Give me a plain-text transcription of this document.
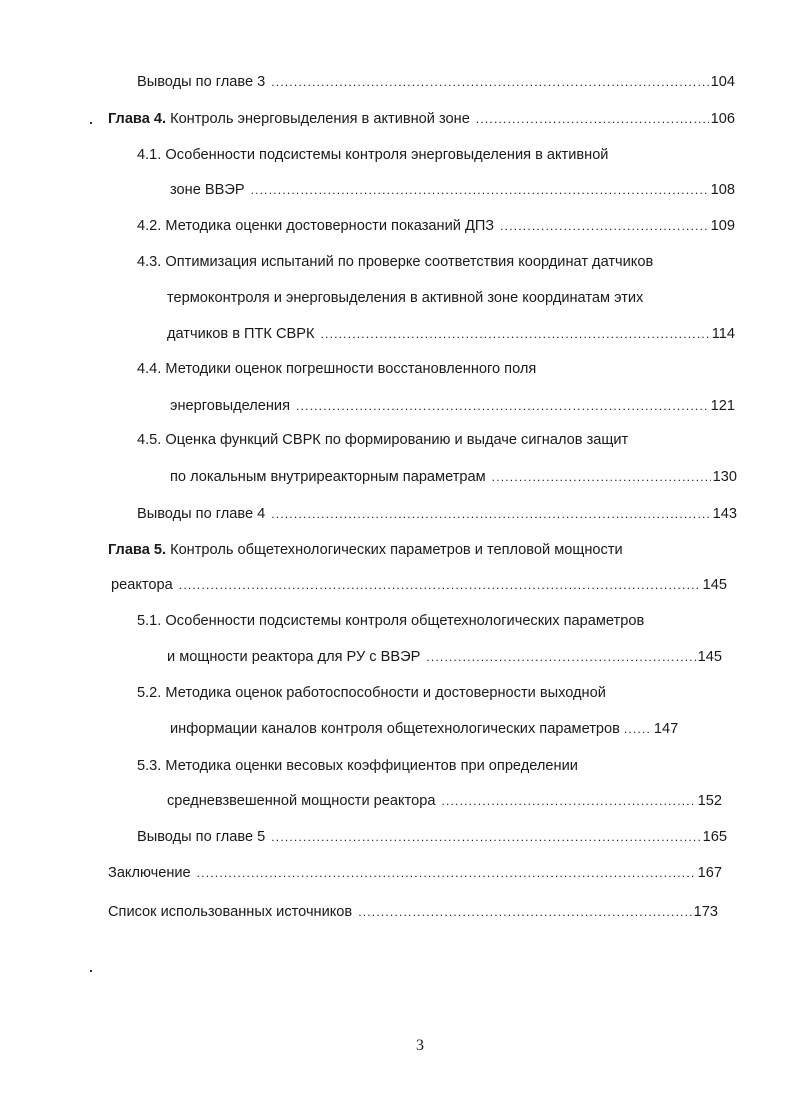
Выводы по главе 3 .....	104
Глава 4. Контроль энерговыделения в активной зоне .....	106
4.1. Особенности подсистемы контроля энерговыделения в активной
зоне ВВЭР .....	108
4.2. Методика оценки достоверности показаний ДПЗ .....	109
4.3. Оптимизация испытаний по проверке соответствия координат датчиков
термоконтроля и энерговыделения в активной зоне координатам этих
датчиков в ПТК СВРК .....	114
4.4. Методики оценок погрешности восстановленного поля
энерговыделения .....	121
4.5. Оценка функций СВРК по формированию и выдаче сигналов защит
по локальным внутриреакторным параметрам .....	130
Выводы по главе 4 .....	143
Глава 5. Контроль общетехнологических параметров и тепловой мощности
реактора .....	145
5.1. Особенности подсистемы контроля общетехнологических параметров
и мощности реактора для РУ с ВВЭР .....	145
5.2. Методика оценок работоспособности и достоверности выходной
информации каналов контроля общетехнологических параметров ..... 147
5.3. Методика оценки весовых коэффициентов при определении
средневзвешенной мощности реактора .....	152
Выводы по главе 5 .....	165
Заключение .....	167
Список использованных источников .....	173
3
